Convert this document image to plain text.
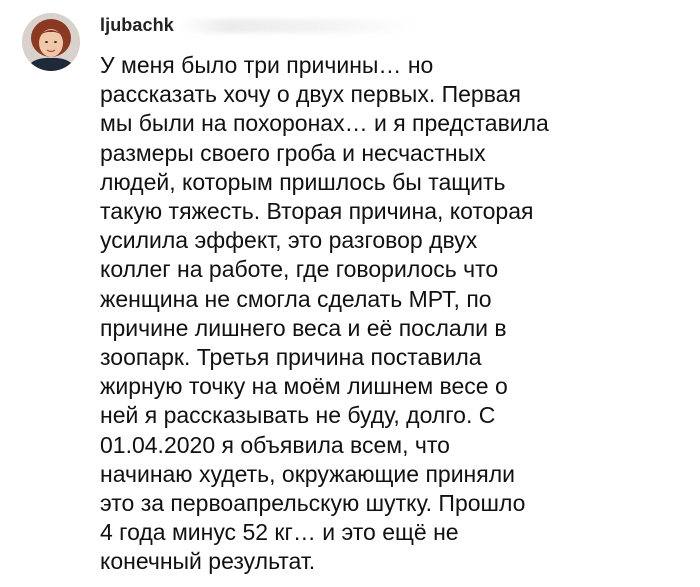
ljubachk

У меня было три причины… но
рассказать хочу о двух первых. Первая
мы были на похоронах… и я представила
размеры своего гроба и несчастных
людей, которым пришлось бы тащить
такую тяжесть. Вторая причина, которая
усилила эффект, это разговор двух
коллег на работе, где говорилось что
женщина не смогла сделать МРТ, по
причине лишнего веса и её послали в
зоопарк. Третья причина поставила
жирную точку на моём лишнем весе о
ней я рассказывать не буду, долго. С
01.04.2020 я объявила всем, что
начинаю худеть, окружающие приняли
это за первоапрельскую шутку. Прошло
4 года минус 52 кг… и это ещё не
конечный результат.
